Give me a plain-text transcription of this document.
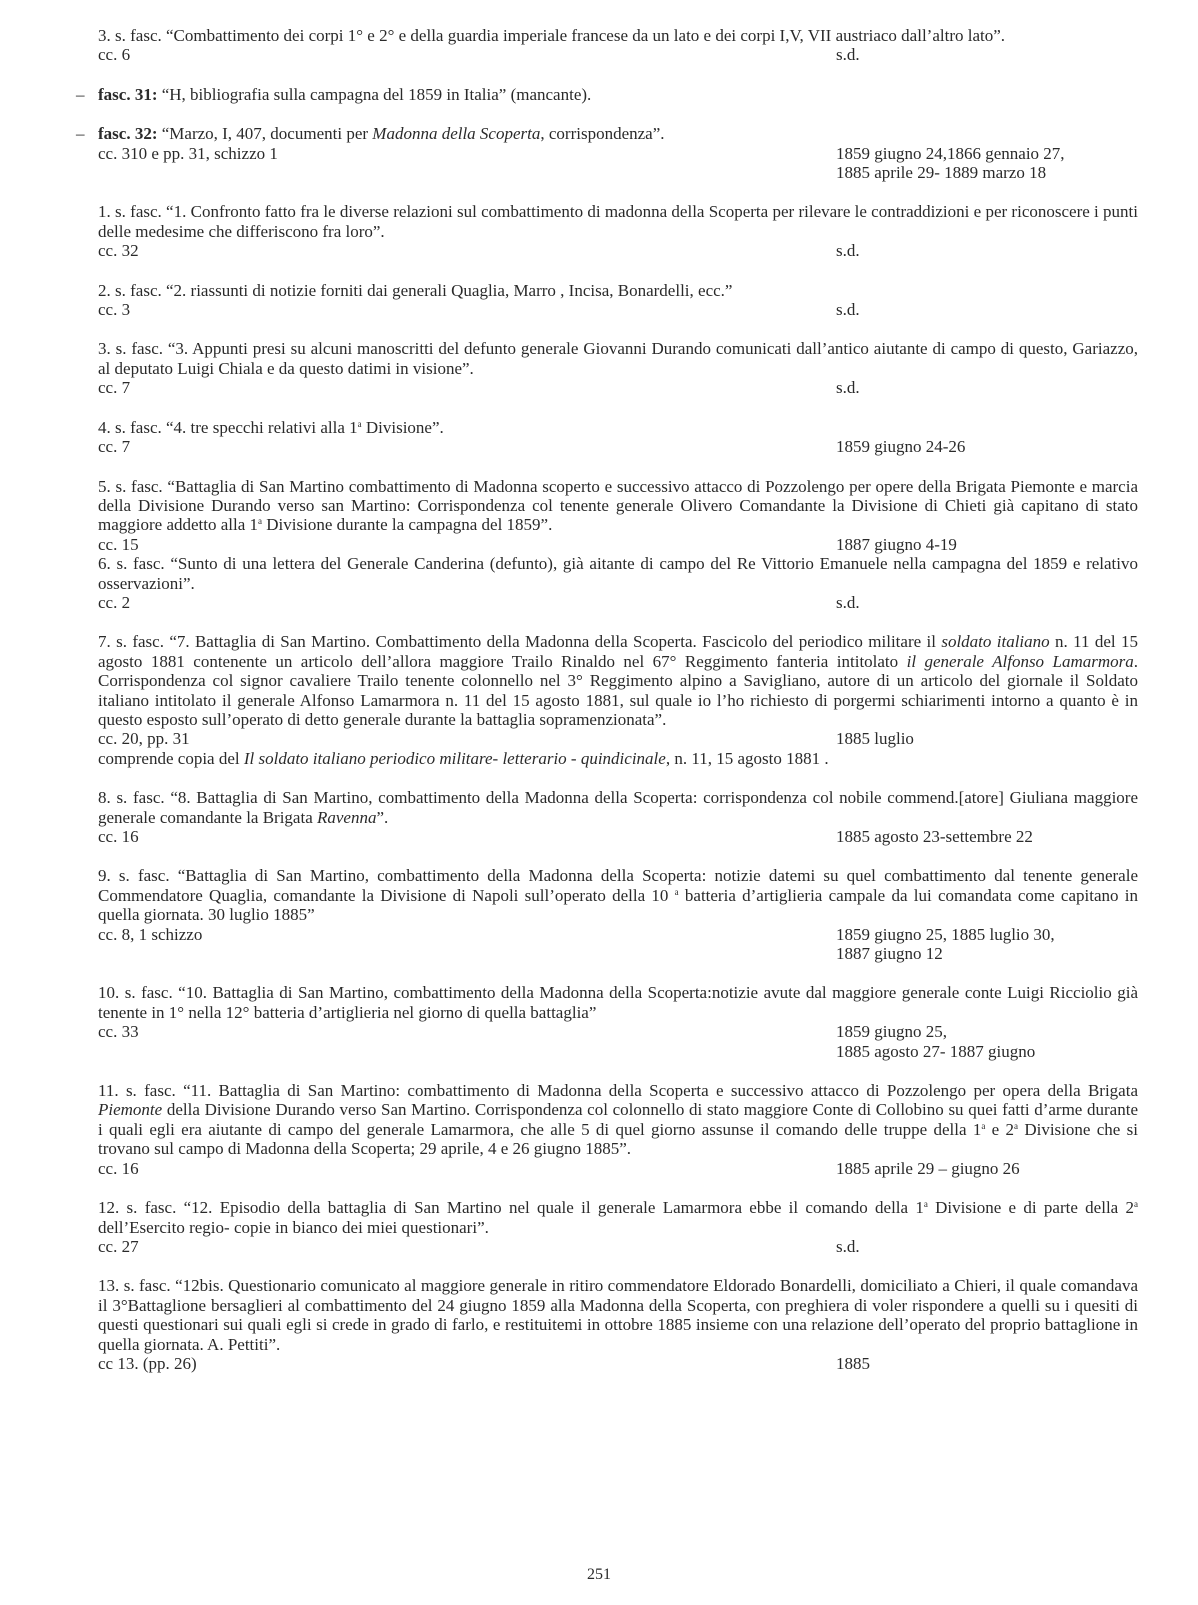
3. s. fasc. “Combattimento dei corpi 1° e 2° e della guardia imperiale francese da un lato e dei corpi I,V, VII austriaco dall’altro lato”.
cc. 6	s.d.
– fasc. 31: “H, bibliografia sulla campagna del 1859 in Italia” (mancante).
– fasc. 32: “Marzo, I, 407, documenti per Madonna della Scoperta, corrispondenza”.
cc. 310 e pp. 31, schizzo 1	1859 giugno 24,1866 gennaio 27,
1885 aprile 29- 1889 marzo 18
1. s. fasc. “1. Confronto fatto fra le diverse relazioni sul combattimento di madonna della Scoperta per rilevare le contraddizioni e per riconoscere i punti delle medesime che differiscono fra loro”.
cc. 32	s.d.
2. s. fasc. “2. riassunti di notizie forniti dai generali Quaglia, Marro , Incisa, Bonardelli, ecc.”
cc. 3	s.d.
3. s. fasc. “3. Appunti presi su alcuni manoscritti del defunto generale Giovanni Durando comunicati dall’antico aiutante di campo di questo, Gariazzo, al deputato Luigi Chiala e da questo datimi in visione”.
cc. 7	s.d.
4. s. fasc. “4. tre specchi relativi alla 1$^a$ Divisione”.
cc. 7	1859 giugno 24-26
5. s. fasc. “Battaglia di San Martino combattimento di Madonna scoperto e successivo attacco di Pozzolengo per opere della Brigata Piemonte e marcia della Divisione Durando verso san Martino: Corrispondenza col tenente generale Olivero Comandante la Divisione di Chieti già capitano di stato maggiore addetto alla 1$^a$ Divisione durante la campagna del 1859”.
cc. 15	1887 giugno 4-19
6. s. fasc. “Sunto di una lettera del Generale Canderina (defunto), già aitante di campo del Re Vittorio Emanuele nella campagna del 1859 e relativo osservazioni”.
cc. 2	s.d.
7. s. fasc. “7. Battaglia di San Martino. Combattimento della Madonna della Scoperta. Fascicolo del periodico militare il soldato italiano n. 11 del 15 agosto 1881 contenente un articolo dell’allora maggiore Trailo Rinaldo nel 67° Reggimento fanteria intitolato il generale Alfonso Lamarmora. Corrispondenza col signor cavaliere Trailo tenente colonnello nel 3° Reggimento alpino a Savigliano, autore di un articolo del giornale il Soldato italiano intitolato il generale Alfonso Lamarmora n. 11 del 15 agosto 1881, sul quale io l’ho richiesto di porgermi schiarimenti intorno a quanto è in questo esposto sull’operato di detto generale durante la battaglia sopramenzionata”.
cc. 20, pp. 31	1885 luglio
comprende copia del Il soldato italiano periodico militare- letterario - quindicinale, n. 11, 15 agosto 1881 .
8. s. fasc. “8. Battaglia di San Martino, combattimento della Madonna della Scoperta: corrispondenza col nobile commend.[atore] Giuliana maggiore generale comandante la Brigata Ravenna”.
cc. 16	1885 agosto 23-settembre 22
9. s. fasc. “Battaglia di San Martino, combattimento della Madonna della Scoperta: notizie datemi su quel combattimento dal tenente generale Commendatore Quaglia, comandante la Divisione di Napoli sull’operato della 10 $^a$ batteria d’artiglieria campale da lui comandata come capitano in quella giornata. 30 luglio 1885”
cc. 8, 1 schizzo	1859 giugno 25, 1885 luglio 30,
1887 giugno 12
10. s. fasc. “10. Battaglia di San Martino, combattimento della Madonna della Scoperta:notizie avute dal maggiore generale conte Luigi Ricciolio già tenente in 1° nella 12° batteria d’artiglieria nel giorno di quella battaglia”
cc. 33	1859 giugno 25,
1885 agosto 27- 1887 giugno
11. s. fasc. “11. Battaglia di San Martino: combattimento di Madonna della Scoperta e successivo attacco di Pozzolengo per opera della Brigata Piemonte della Divisione Durando verso San Martino. Corrispondenza col colonnello di stato maggiore Conte di Collobino su quei fatti d’arme durante i quali egli era aiutante di campo del generale Lamarmora, che alle 5 di quel giorno assunse il comando delle truppe della 1$^a$ e 2$^a$ Divisione che si trovano sul campo di Madonna della Scoperta; 29 aprile, 4 e 26 giugno 1885”.
cc. 16	1885 aprile 29 – giugno 26
12. s. fasc. “12. Episodio della battaglia di San Martino nel quale il generale Lamarmora ebbe il comando della 1$^a$ Divisione e di parte della 2$^a$ dell’Esercito regio- copie in bianco dei miei questionari”.
cc. 27	s.d.
13. s. fasc. “12bis. Questionario comunicato al maggiore generale in ritiro commendatore Eldorado Bonardelli, domiciliato a Chieri, il quale comandava il 3°Battaglione bersaglieri al combattimento del 24 giugno 1859 alla Madonna della Scoperta, con preghiera di voler rispondere a quelli su i quesiti di questi questionari sui quali egli si crede in grado di farlo, e restituitemi in ottobre 1885 insieme con una relazione dell’operato del proprio battaglione in quella giornata. A. Pettiti”.
cc 13. (pp. 26)	1885
251
